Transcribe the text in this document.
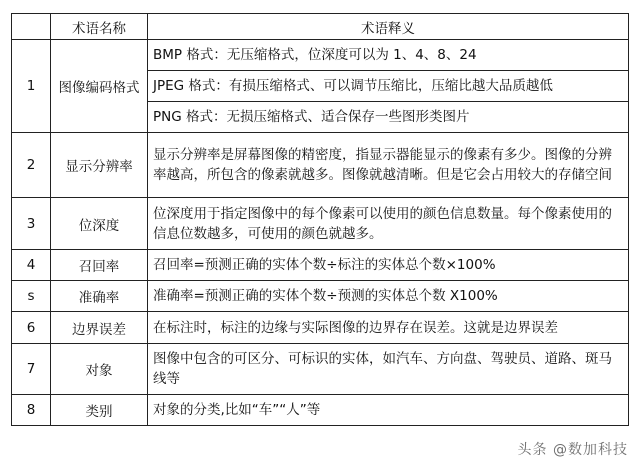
	术语名称	术语释义
1	图像编码格式	BMP 格式：无压缩格式，位深度可以为 1、4、8、24
		JPEG 格式：有损压缩格式、可以调节压缩比，压缩比越大品质越低
		PNG 格式：无损压缩格式、适合保存一些图形类图片
2	显示分辨率	显示分辨率是屏幕图像的精密度，指显示器能显示的像素有多少。图像的分辨率越高，所包含的像素就越多。图像就越清晰。但是它会占用较大的存储空间
3	位深度	位深度用于指定图像中的每个像素可以使用的颜色信息数量。每个像素使用的信息位数越多，可使用的颜色就越多。
4	召回率	召回率=预测正确的实体个数÷标注的实体总个数×100%
s	准确率	准确率=预测正确的实体个数÷预测的实体总个数 X100%
6	边界误差	在标注时，标注的边缘与实际图像的边界存在误差。这就是边界误差
7	对象	图像中包含的可区分、可标识的实体，如汽车、方向盘、驾驶员、道路、斑马线等
8	类别	对象的分类,比如“车”“人”等
头条 @数加科技
